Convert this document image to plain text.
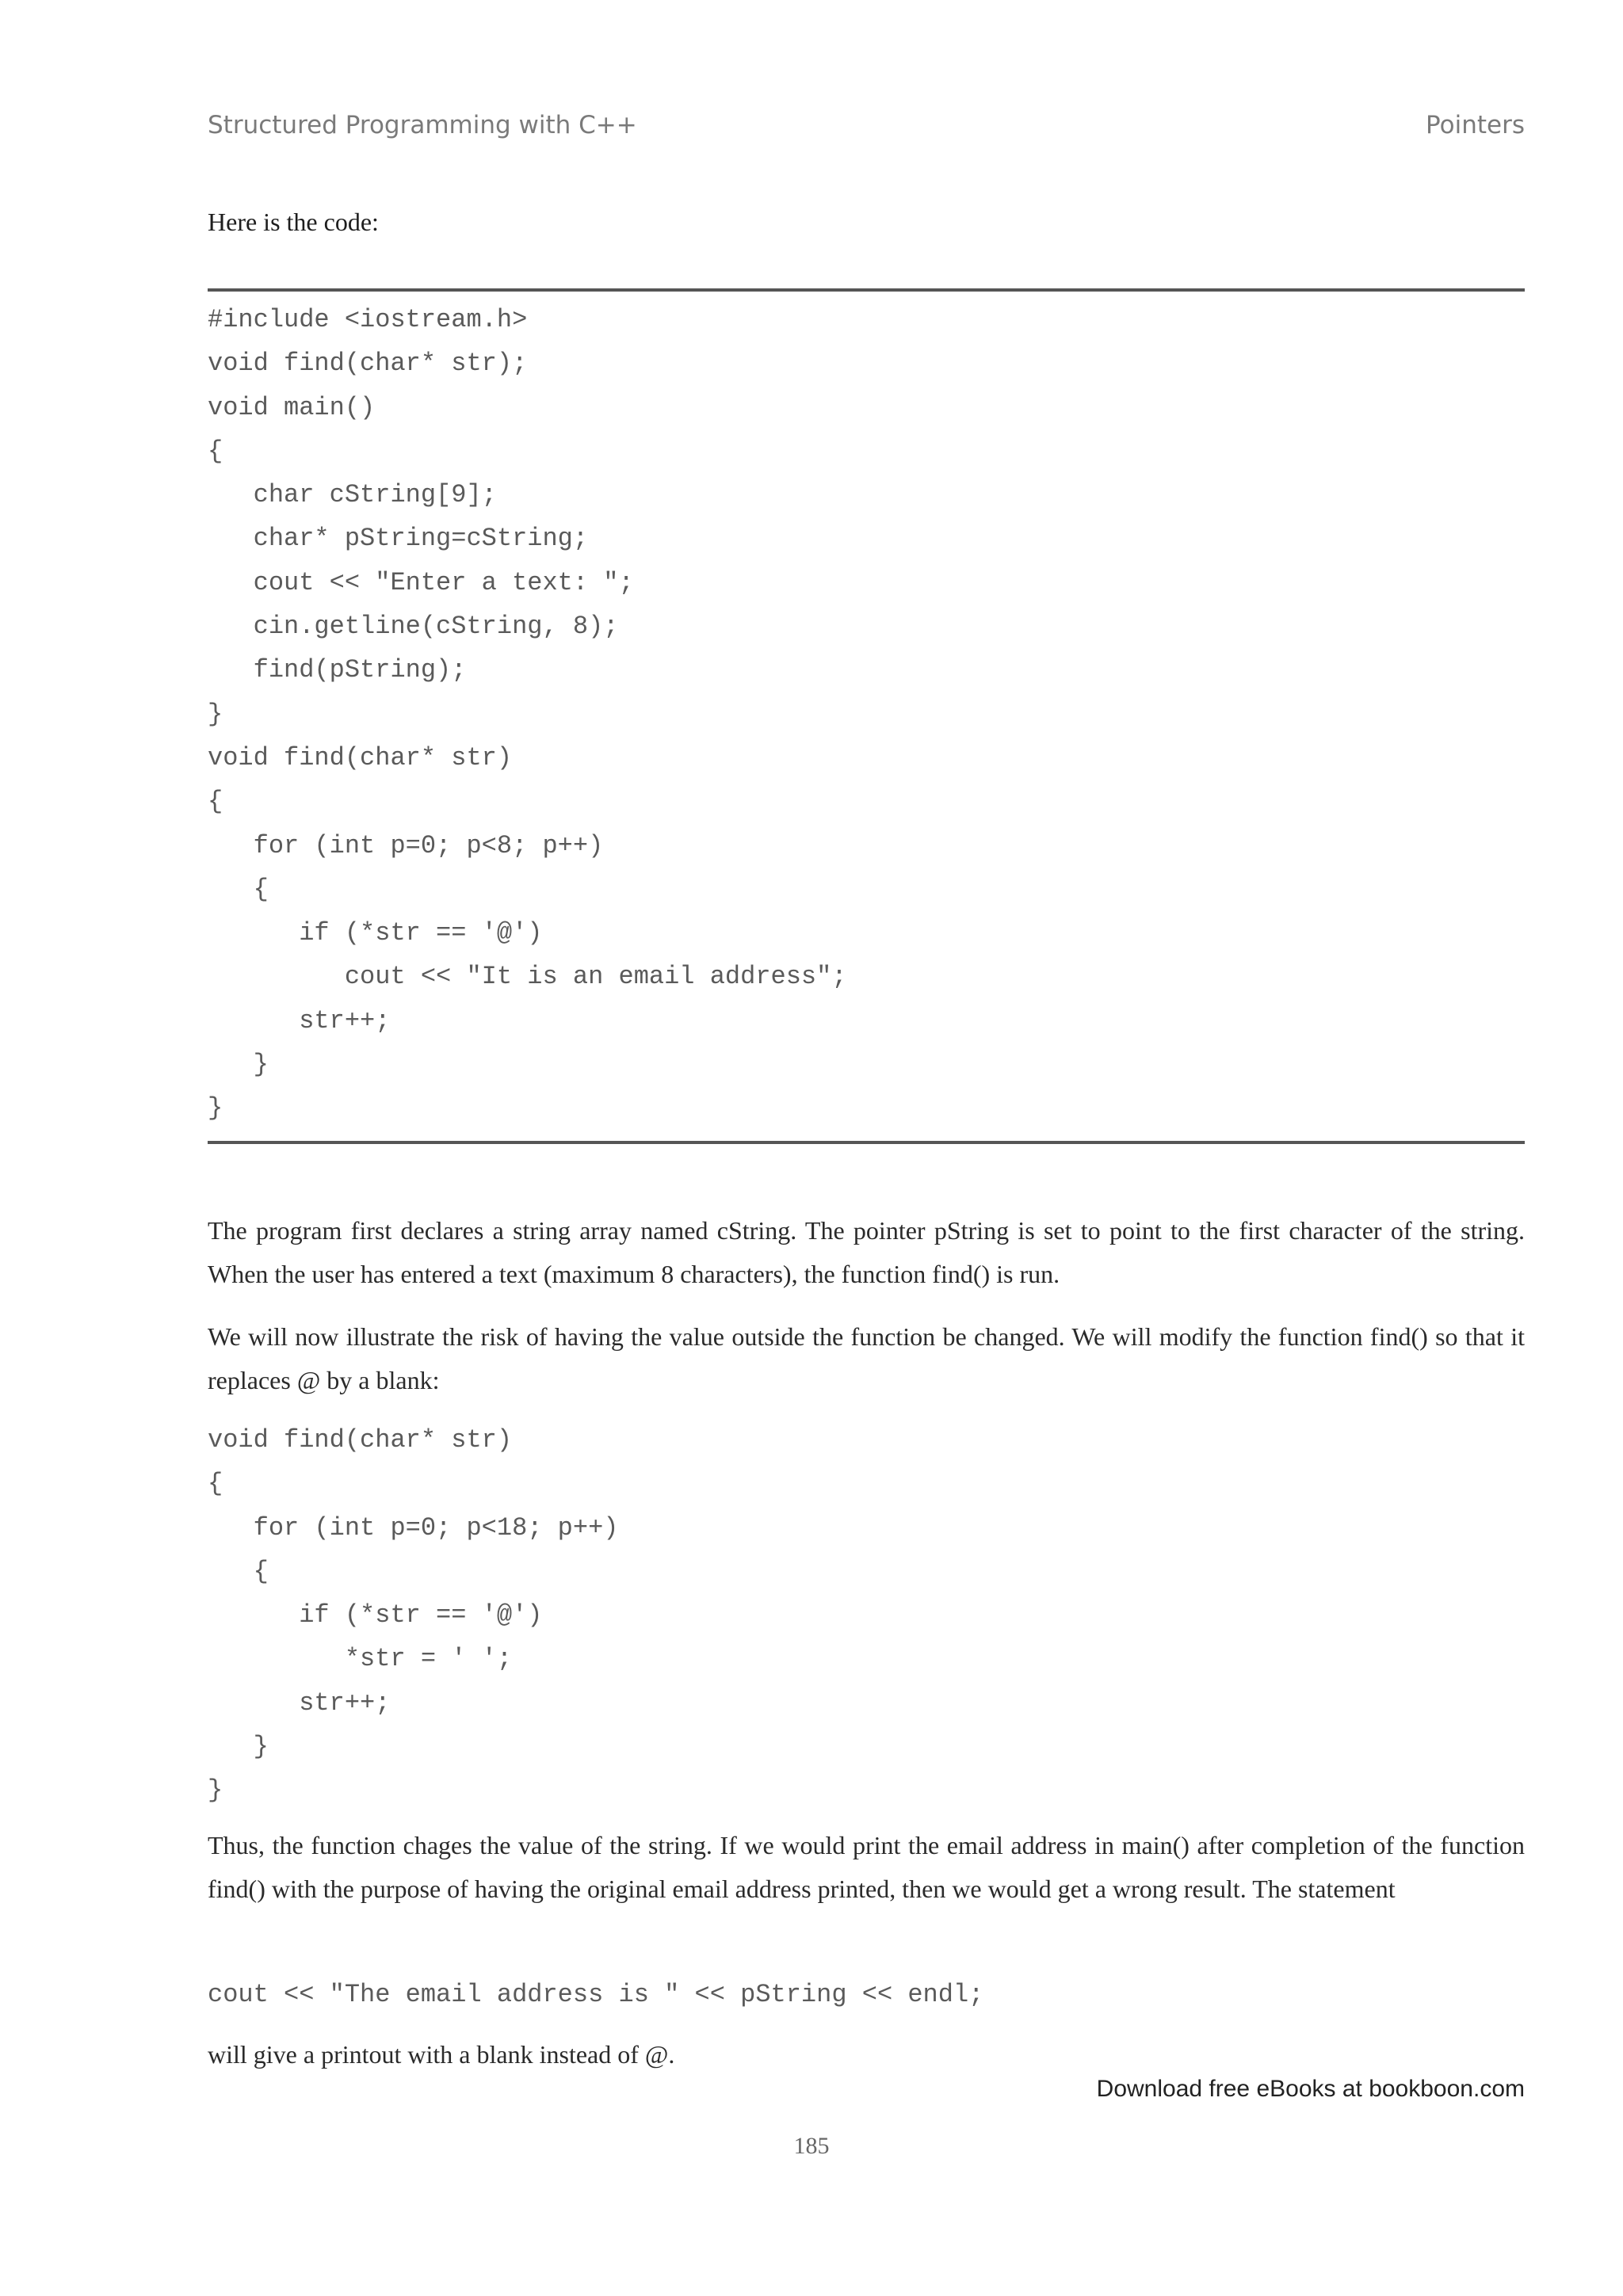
Structured Programming with C++	Pointers
Here is the code:
#include <iostream.h>
void find(char* str);
void main()
{
char cString[9];
char* pString=cString;
cout << "Enter a text: ";
cin.getline(cString, 8);
find(pString);
}
void find(char* str)
{
for (int p=0; p<8; p++)
{
if (*str == '@')
cout << "It is an email address";
str++;
}
}

The program first declares a string array named cString. The pointer pString is set to point to the first character of the string. When the user has entered a text (maximum 8 characters), the function find() is run.

We will now illustrate the risk of having the value outside the function be changed. We will modify the function find() so that it replaces @ by a blank:

void find(char* str)
{
for (int p=0; p<18; p++)
{
if (*str == '@')
*str = ' ';
str++;
}
}

Thus, the function chages the value of the string. If we would print the email address in main() after completion of the function find() with the purpose of having the original email address printed, then we would get a wrong result. The statement

cout << "The email address is " << pString << endl;

will give a printout with a blank instead of @.

Download free eBooks at bookboon.com
185
